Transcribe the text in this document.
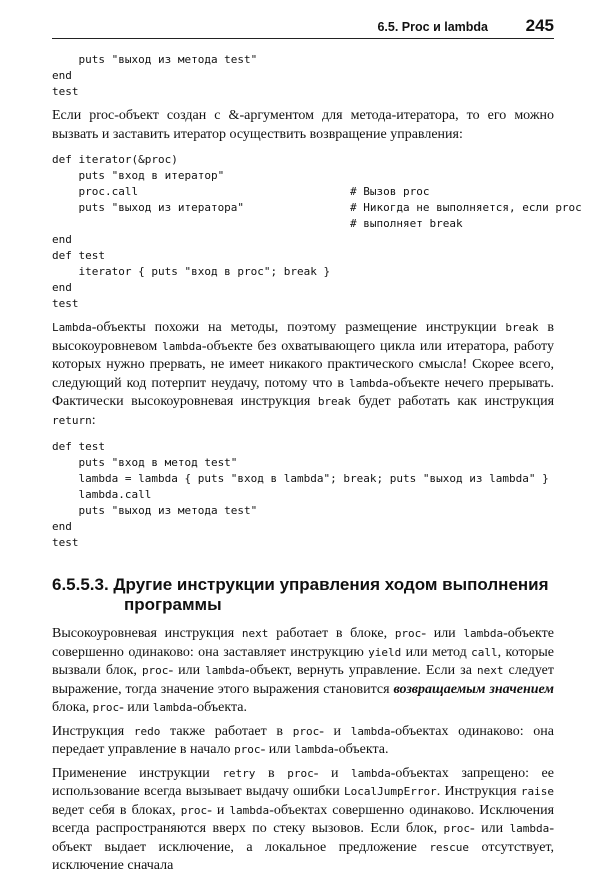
6.5. Proc и lambda 245
puts "выход из метода test"
end
test

Если proc-объект создан с &-аргументом для метода-итератора, то его можно вызвать и заставить итератор осуществить возвращение управления:

def iterator(&proc)
puts "вход в итератор"
proc.call                                # Вызов proc
puts "выход из итератора"                # Никогда не выполняется, если proc
# выполняет break
end
def test
iterator { puts "вход в proc"; break }
end
test

Lambda-объекты похожи на методы, поэтому размещение инструкции break в высокоуровневом lambda-объекте без охватывающего цикла или итератора, работу которых нужно прервать, не имеет никакого практического смысла! Скорее всего, следующий код потерпит неудачу, потому что в lambda-объекте нечего прерывать. Фактически высокоуровневая инструкция break будет работать как инструкция return:

def test
puts "вход в метод test"
lambda = lambda { puts "вход в lambda"; break; puts "выход из lambda" }
lambda.call
puts "выход из метода test"
end
test
6.5.5.3. Другие инструкции управления ходом выполнения
программы

Высокоуровневая инструкция next работает в блоке, proc- или lambda-объекте совершенно одинаково: она заставляет инструкцию yield или метод call, которые вызвали блок, proc- или lambda-объект, вернуть управление. Если за next следует выражение, тогда значение этого выражения становится возвращаемым значением блока, proc- или lambda-объекта.

Инструкция redo также работает в proc- и lambda-объектах одинаково: она передает управление в начало proc- или lambda-объекта.

Применение инструкции retry в proc- и lambda-объектах запрещено: ее использование всегда вызывает выдачу ошибки LocalJumpError. Инструкция raise ведет себя в блоках, proc- и lambda-объектах совершенно одинаково. Исключения всегда распространяются вверх по стеку вызовов. Если блок, proc- или lambda-объект выдает исключение, а локальное предложение rescue отсутствует, исключение сначала
